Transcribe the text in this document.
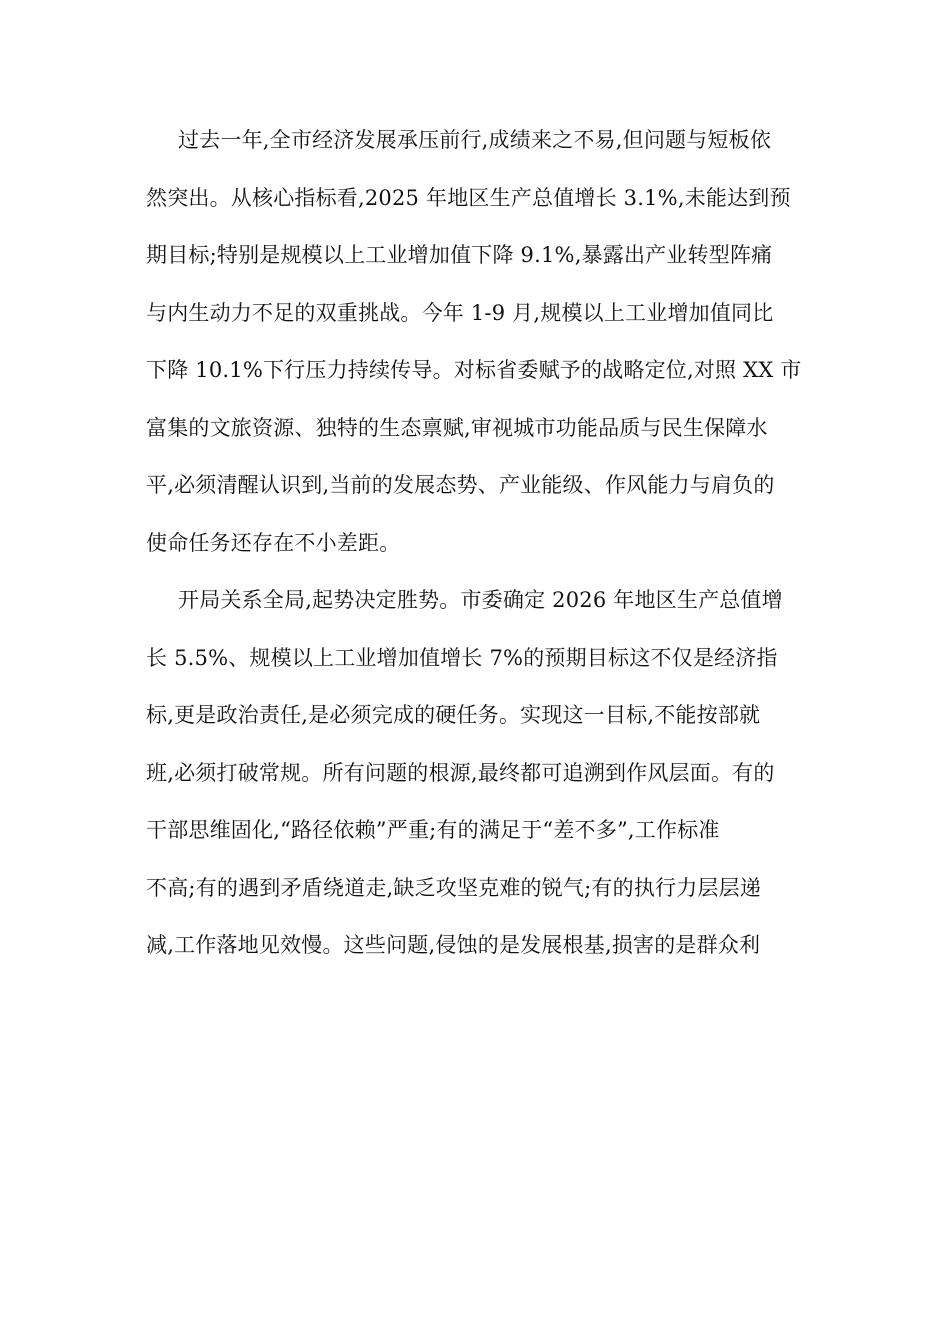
过去一年,全市经济发展承压前行,成绩来之不易,但问题与短板依
然突出。从核心指标看,2025 年地区生产总值增长 3.1%,未能达到预
期目标;特别是规模以上工业增加值下降 9.1%,暴露出产业转型阵痛
与内生动力不足的双重挑战。今年 1-9 月,规模以上工业增加值同比
下降 10.1%下行压力持续传导。对标省委赋予的战略定位,对照 XX 市
富集的文旅资源、独特的生态禀赋,审视城市功能品质与民生保障水
平,必须清醒认识到,当前的发展态势、产业能级、作风能力与肩负的
使命任务还存在不小差距。
开局关系全局,起势决定胜势。市委确定 2026 年地区生产总值增
长 5.5%、规模以上工业增加值增长 7%的预期目标这不仅是经济指
标,更是政治责任,是必须完成的硬任务。实现这一目标,不能按部就
班,必须打破常规。所有问题的根源,最终都可追溯到作风层面。有的
干部思维固化,“路径依赖”严重;有的满足于“差不多”,工作标准
不高;有的遇到矛盾绕道走,缺乏攻坚克难的锐气;有的执行力层层递
减,工作落地见效慢。这些问题,侵蚀的是发展根基,损害的是群众利
